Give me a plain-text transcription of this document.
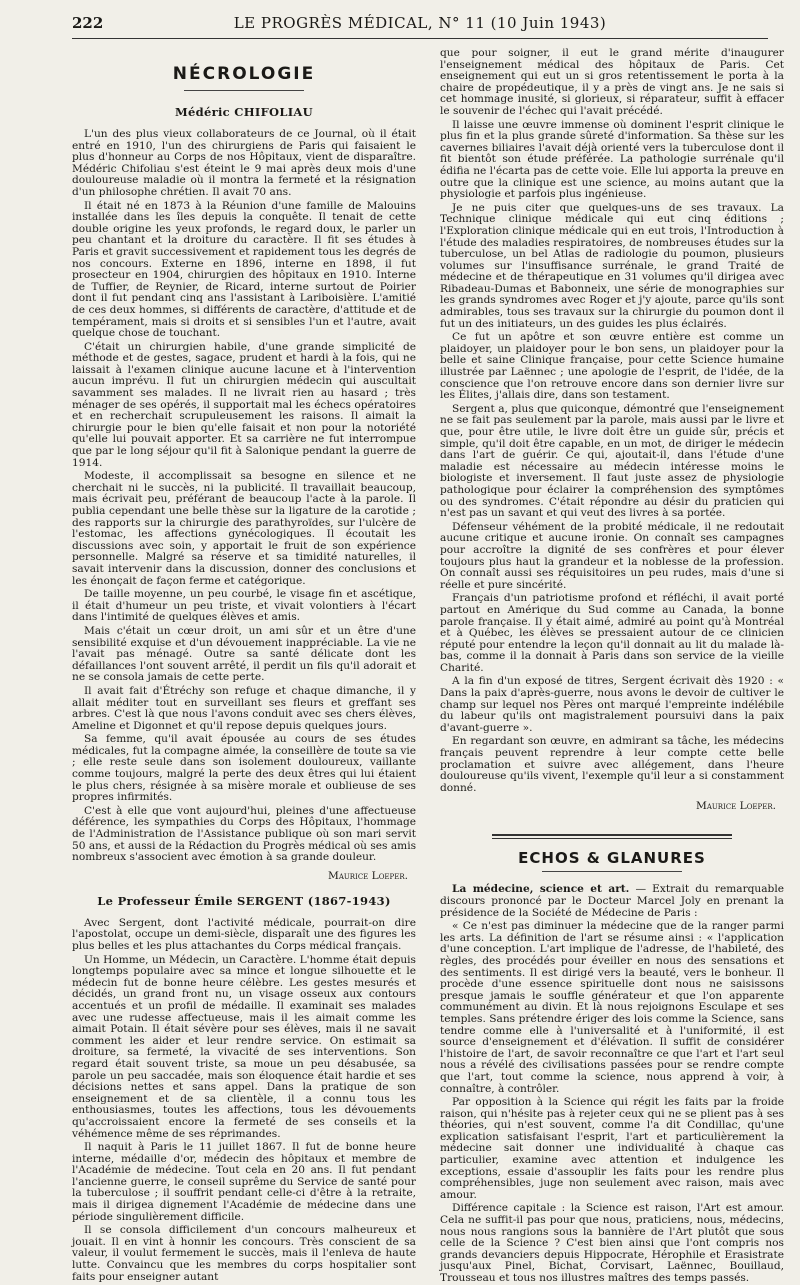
222	LE PROGRÈS MÉDICAL, N° 11 (10 Juin 1943)
NÉCROLOGIE
Médéric CHIFOLIAU

L'un des plus vieux collaborateurs de ce Journal, où il était entré en 1910, l'un des chirurgiens de Paris qui faisaient le plus d'honneur au Corps de nos Hôpitaux, vient de disparaître. Médéric Chifoliau s'est éteint le 9 mai après deux mois d'une douloureuse maladie où il montra la fermeté et la résignation d'un philosophe chrétien. Il avait 70 ans.

Il était né en 1873 à la Réunion d'une famille de Malouins installée dans les îles depuis la conquête. Il tenait de cette double origine les yeux profonds, le regard doux, le parler un peu chantant et la droiture du caractère. Il fit ses études à Paris et gravit successivement et rapidement tous les degrés de nos concours. Externe en 1896, interne en 1898, il fut prosecteur en 1904, chirurgien des hôpitaux en 1910. Interne de Tuffier, de Reynier, de Ricard, interne surtout de Poirier dont il fut pendant cinq ans l'assistant à Lariboisière. L'amitié de ces deux hommes, si différents de caractère, d'attitude et de tempérament, mais si droits et si sensibles l'un et l'autre, avait quelque chose de touchant.

C'était un chirurgien habile, d'une grande simplicité de méthode et de gestes, sagace, prudent et hardi à la fois, qui ne laissait à l'examen clinique aucune lacune et à l'intervention aucun imprévu. Il fut un chirurgien médecin qui auscultait savamment ses malades. Il ne livrait rien au hasard ; très ménager de ses opérés, il supportait mal les échecs opératoires et en recherchait scrupuleusement les raisons. Il aimait la chirurgie pour le bien qu'elle faisait et non pour la notoriété qu'elle lui pouvait apporter. Et sa carrière ne fut interrompue que par le long séjour qu'il fit à Salonique pendant la guerre de 1914.

Modeste, il accomplissait sa besogne en silence et ne cherchait ni le succès, ni la publicité. Il travaillait beaucoup, mais écrivait peu, préférant de beaucoup l'acte à la parole. Il publia cependant une belle thèse sur la ligature de la carotide ; des rapports sur la chirurgie des parathyroïdes, sur l'ulcère de l'estomac, les affections gynécologiques. Il écoutait les discussions avec soin, y apportait le fruit de son expérience personnelle. Malgré sa réserve et sa timidité naturelles, il savait intervenir dans la discussion, donner des conclusions et les énonçait de façon ferme et catégorique.

De taille moyenne, un peu courbé, le visage fin et ascétique, il était d'humeur un peu triste, et vivait volontiers à l'écart dans l'intimité de quelques élèves et amis.

Mais c'était un cœur droit, un ami sûr et un être d'une sensibilité exquise et d'un dévouement inappréciable. La vie ne l'avait pas ménagé. Outre sa santé délicate dont les défaillances l'ont souvent arrêté, il perdit un fils qu'il adorait et ne se consola jamais de cette perte.

Il avait fait d'Étréchy son refuge et chaque dimanche, il y allait méditer tout en surveillant ses fleurs et greffant ses arbres. C'est là que nous l'avons conduit avec ses chers élèves, Ameline et Digonnet et qu'il repose depuis quelques jours.

Sa femme, qu'il avait épousée au cours de ses études médicales, fut la compagne aimée, la conseillère de toute sa vie ; elle reste seule dans son isolement douloureux, vaillante comme toujours, malgré la perte des deux êtres qui lui étaient le plus chers, résignée à sa misère morale et oublieuse de ses propres infirmités.

C'est à elle que vont aujourd'hui, pleines d'une affectueuse déférence, les sympathies du Corps des Hôpitaux, l'hommage de l'Administration de l'Assistance publique où son mari servit 50 ans, et aussi de la Rédaction du Progrès médical où ses amis nombreux s'associent avec émotion à sa grande douleur.

Maurice Loeper.
Le Professeur Émile SERGENT (1867-1943)

Avec Sergent, dont l'activité médicale, pourrait-on dire l'apostolat, occupe un demi-siècle, disparaît une des figures les plus belles et les plus attachantes du Corps médical français.

Un Homme, un Médecin, un Caractère. L'homme était depuis longtemps populaire avec sa mince et longue silhouette et le médecin fut de bonne heure célèbre. Les gestes mesurés et décidés, un grand front nu, un visage osseux aux contours accentués et un profil de médaille. Il examinait ses malades avec une rudesse affectueuse, mais il les aimait comme les aimait Potain. Il était sévère pour ses élèves, mais il ne savait comment les aider et leur rendre service. On estimait sa droiture, sa fermeté, la vivacité de ses interventions. Son regard était souvent triste, sa moue un peu désabusée, sa parole un peu saccadée, mais son éloquence était hardie et ses décisions nettes et sans appel. Dans la pratique de son enseignement et de sa clientèle, il a connu tous les enthousiasmes, toutes les affections, tous les dévouements qu'accroissaient encore la fermeté de ses conseils et la véhémence même de ses réprimandes.

Il naquit à Paris le 11 juillet 1867. Il fut de bonne heure interne, médaille d'or, médecin des hôpitaux et membre de l'Académie de médecine. Tout cela en 20 ans. Il fut pendant l'ancienne guerre, le conseil suprême du Service de santé pour la tuberculose ; il souffrit pendant celle-ci d'être à la retraite, mais il dirigea dignement l'Académie de médecine dans une période singulièrement difficile.

Il se consola difficilement d'un concours malheureux et jouait. Il en vint à honnir les concours. Très conscient de sa valeur, il voulut fermement le succès, mais il l'enleva de haute lutte. Convaincu que les membres du corps hospitalier sont faits pour enseigner autant

que pour soigner, il eut le grand mérite d'inaugurer l'enseignement médical des hôpitaux de Paris. Cet enseignement qui eut un si gros retentissement le porta à la chaire de propédeutique, il y a près de vingt ans. Je ne sais si cet hommage inusité, si glorieux, si réparateur, suffit à effacer le souvenir de l'échec qui l'avait précédé.

Il laisse une œuvre immense où dominent l'esprit clinique le plus fin et la plus grande sûreté d'information. Sa thèse sur les cavernes biliaires l'avait déjà orienté vers la tuberculose dont il fit bientôt son étude préférée. La pathologie surrénale qu'il édifia ne l'écarta pas de cette voie. Elle lui apporta la preuve en outre que la clinique est une science, au moins autant que la physiologie et parfois plus ingénieuse.

Je ne puis citer que quelques-uns de ses travaux. La Technique clinique médicale qui eut cinq éditions ; l'Exploration clinique médicale qui en eut trois, l'Introduction à l'étude des maladies respiratoires, de nombreuses études sur la tuberculose, un bel Atlas de radiologie du poumon, plusieurs volumes sur l'insuffisance surrénale, le grand Traité de médecine et de thérapeutique en 31 volumes qu'il dirigea avec Ribadeau-Dumas et Babonneix, une série de monographies sur les grands syndromes avec Roger et j'y ajoute, parce qu'ils sont admirables, tous ses travaux sur la chirurgie du poumon dont il fut un des initiateurs, un des guides les plus éclairés.

Ce fut un apôtre et son œuvre entière est comme un plaidoyer, un plaidoyer pour le bon sens, un plaidoyer pour la belle et saine Clinique française, pour cette Science humaine illustrée par Laënnec ; une apologie de l'esprit, de l'idée, de la conscience que l'on retrouve encore dans son dernier livre sur les Élites, j'allais dire, dans son testament.

Sergent a, plus que quiconque, démontré que l'enseignement ne se fait pas seulement par la parole, mais aussi par le livre et que, pour être utile, le livre doit être un guide sûr, précis et simple, qu'il doit être capable, en un mot, de diriger le médecin dans l'art de guérir. Ce qui, ajoutait-il, dans l'étude d'une maladie est nécessaire au médecin intéresse moins le biologiste et inversement. Il faut juste assez de physiologie pathologique pour éclairer la compréhension des symptômes ou des syndromes. C'était répondre au désir du praticien qui n'est pas un savant et qui veut des livres à sa portée.

Défenseur véhément de la probité médicale, il ne redoutait aucune critique et aucune ironie. On connaît ses campagnes pour accroître la dignité de ses confrères et pour élever toujours plus haut la grandeur et la noblesse de la profession. On connaît aussi ses réquisitoires un peu rudes, mais d'une si réelle et pure sincérité.

Français d'un patriotisme profond et réfléchi, il avait porté partout en Amérique du Sud comme au Canada, la bonne parole française. Il y était aimé, admiré au point qu'à Montréal et à Québec, les élèves se pressaient autour de ce clinicien réputé pour entendre la leçon qu'il donnait au lit du malade là-bas, comme il la donnait à Paris dans son service de la vieille Charité.

A la fin d'un exposé de titres, Sergent écrivait dès 1920 : « Dans la paix d'après-guerre, nous avons le devoir de cultiver le champ sur lequel nos Pères ont marqué l'empreinte indélébile du labeur qu'ils ont magistralement poursuivi dans la paix d'avant-guerre ».

En regardant son œuvre, en admirant sa tâche, les médecins français peuvent reprendre à leur compte cette belle proclamation et suivre avec allégement, dans l'heure douloureuse qu'ils vivent, l'exemple qu'il leur a si constamment donné.

Maurice Loeper.
ECHOS & GLANURES

La médecine, science et art. — Extrait du remarquable discours prononcé par le Docteur Marcel Joly en prenant la présidence de la Société de Médecine de Paris :

« Ce n'est pas diminuer la médecine que de la ranger parmi les arts. La définition de l'art se résume ainsi : « l'application d'une conception. L'art implique de l'adresse, de l'habileté, des règles, des procédés pour éveiller en nous des sensations et des sentiments. Il est dirigé vers la beauté, vers le bonheur. Il procède d'une essence spirituelle dont nous ne saisissons presque jamais le souffle générateur et que l'on apparente communément au divin. Et là nous rejoignons Esculape et ses temples. Sans prétendre ériger des lois comme la Science, sans tendre comme elle à l'universalité et à l'uniformité, il est source d'enseignement et d'élévation. Il suffit de considérer l'histoire de l'art, de savoir reconnaître ce que l'art et l'art seul nous a révélé des civilisations passées pour se rendre compte que l'art, tout comme la science, nous apprend à voir, à connaître, à contrôler.

Par opposition à la Science qui régit les faits par la froide raison, qui n'hésite pas à rejeter ceux qui ne se plient pas à ses théories, qui n'est souvent, comme l'a dit Condillac, qu'une explication satisfaisant l'esprit, l'art et particulièrement la médecine sait donner une individualité à chaque cas particulier, examine avec attention et indulgence les exceptions, essaie d'assouplir les faits pour les rendre plus compréhensibles, juge non seulement avec raison, mais avec amour.

Différence capitale : la Science est raison, l'Art est amour. Cela ne suffit-il pas pour que nous, praticiens, nous, médecins, nous nous rangions sous la bannière de l'Art plutôt que sous celle de la Science ? C'est bien ainsi que l'ont compris nos grands devanciers depuis Hippocrate, Hérophile et Erasistrate jusqu'aux Pinel, Bichat, Corvisart, Laënnec, Bouillaud, Trousseau et tous nos illustres maîtres des temps passés.
